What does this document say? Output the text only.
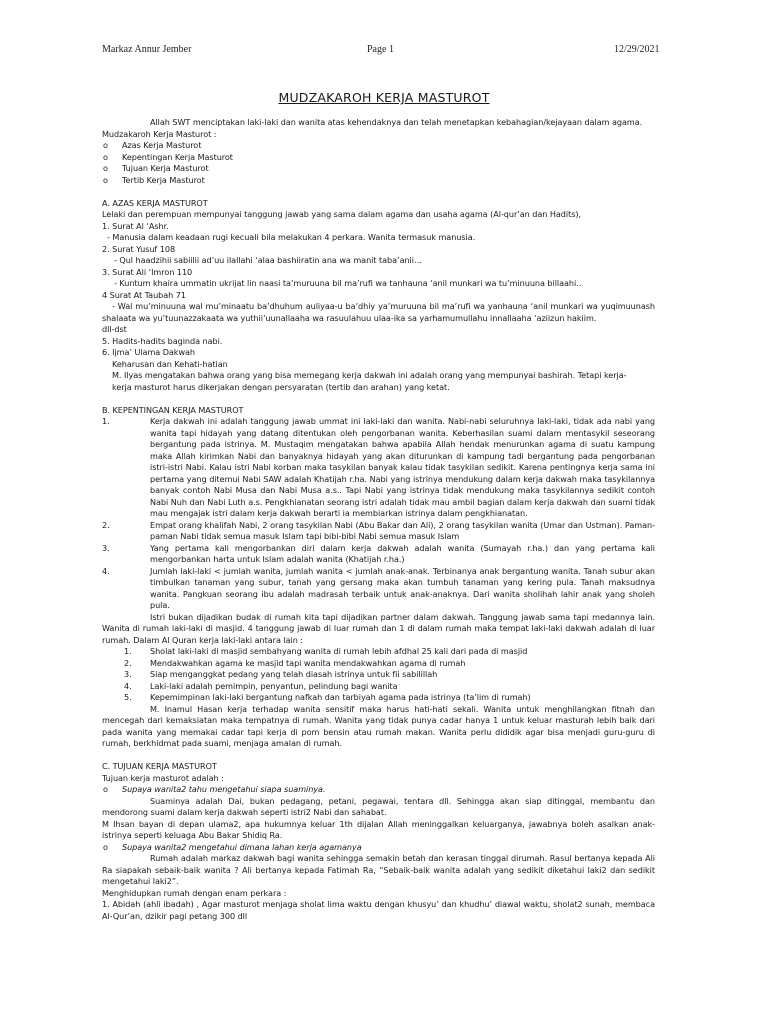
Markaz Annur Jember	Page 1	12/29/2021
MUDZAKAROH KERJA MASTUROT

Allah SWT menciptakan laki-laki dan wanita atas kehendaknya dan telah menetapkan kebahagian/kejayaan dalam agama.

Mudzakaroh Kerja Masturot :

o Azas Kerja Masturot

o Kepentingan Kerja Masturot

o Tujuan Kerja Masturot

o Tertib Kerja Masturot

A. AZAS KERJA MASTUROT

Lelaki dan perempuan mempunyai tanggung jawab yang sama dalam agama dan usaha agama (Al-qur’an dan Hadits),

1. Surat Al ‘Ashr.

- Manusia dalam keadaan rugi kecuali bila melakukan 4 perkara. Wanita termasuk manusia.

2. Surat Yusuf 108

- Qul haadzihii sabiilii ad’uu ilallahi ‘alaa bashiiratin ana wa manit taba’anii…

3. Surat Ali ‘Imron 110

- Kuntum khaira ummatin ukrijat lin naasi ta’muruuna bil ma’rufi wa tanhauna ‘anil munkari wa tu’minuuna billaahi..

4 Surat At Taubah 71

- Wal mu’minuuna wal mu’minaatu ba’dhuhum auliyaa-u ba’dhiy ya’muruuna bil ma’rufi wa yanhauna ‘anil munkari wa yuqimuunash shalaata wa yu’tuunazzakaata wa yuthii’uunallaaha wa rasuulahuu ulaa-ika sa yarhamumullahu innallaaha ‘aziizun hakiim.

dll-dst

5. Hadits-hadits baginda nabi.

6. Ijma’ Ulama Dakwah

Keharusan dan Kehati-hatian

M. Ilyas mengatakan bahwa orang yang bisa memegang kerja dakwah ini adalah orang yang mempunyai bashirah. Tetapi kerja-

kerja masturot harus dikerjakan dengan persyaratan (tertib dan arahan) yang ketat.

B. KEPENTINGAN KERJA MASTUROT

1.	Kerja dakwah ini adalah tanggung jawab ummat ini laki-laki dan wanita. Nabi-nabi seluruhnya laki-laki, tidak ada nabi yang wanita tapi hidayah yang datang ditentukan oleh pengorbanan wanita. Keberhasilan suami dalam mentasykil seseorang bergantung pada istrinya. M. Mustaqim mengatakan bahwa apabila Allah hendak menurunkan agama di suatu kampung maka Allah kirimkan Nabi dan banyaknya hidayah yang akan diturunkan di kampung tadi bergantung pada pengorbanan istri-istri Nabi. Kalau istri Nabi korban maka tasykilan banyak kalau tidak tasykilan sedikit. Karena pentingnya kerja sama ini pertama yang ditemui Nabi SAW adalah Khatijah r.ha. Nabi yang istrinya mendukung dalam kerja dakwah maka tasykilannya banyak contoh Nabi Musa dan Nabi Musa a.s.. Tapi Nabi yang istrinya tidak mendukung maka tasykilannya sedikit contoh Nabi Nuh dan Nabi Luth a.s. Pengkhianatan seorang istri adalah tidak mau ambil bagian dalam kerja dakwah dan suami tidak mau mengajak istri dalam kerja dakwah berarti ia membiarkan istrinya dalam pengkhianatan.
2.	Empat orang khalifah Nabi, 2 orang tasykilan Nabi (Abu Bakar dan Ali), 2 orang tasykilan wanita (Umar dan Ustman). Paman-paman Nabi tidak semua masuk Islam tapi bibi-bibi Nabi semua masuk Islam
3.	Yang pertama kali mengorbankan diri dalam kerja dakwah adalah wanita (Sumayah r.ha.) dan yang pertama kali mengorbankan harta untuk Islam adalah wanita (Khatijah r.ha.)
4.	Jumlah laki-laki < jumlah wanita, jumlah wanita < jumlah anak-anak. Terbinanya anak bergantung wanita. Tanah subur akan timbulkan tanaman yang subur, tanah yang gersang maka akan tumbuh tanaman yang kering pula. Tanah maksudnya wanita. Pangkuan seorang ibu adalah madrasah terbaik untuk anak-anaknya. Dari wanita sholihah lahir anak yang sholeh pula.

Istri bukan dijadikan budak di rumah kita tapi dijadikan partner dalam dakwah. Tanggung jawab sama tapi medannya lain. Wanita di rumah laki-laki di masjid. 4 tanggung jawab di luar rumah dan 1 di dalam rumah maka tempat laki-laki dakwah adalah di luar rumah. Dalam Al Quran kerja laki-laki antara lain :

1. Sholat laki-laki di masjid sembahyang wanita di rumah lebih afdhal 25 kali dari pada di masjid

2. Mendakwahkan agama ke masjid tapi wanita mendakwahkan agama di rumah

3. Siap menganggkat pedang yang telah diasah istrinya untuk fii sabilillah

4. Laki-laki adalah pemimpin, penyantun, pelindung bagi wanita

5. Kepemimpinan laki-laki bergantung nafkah dan tarbiyah agama pada istrinya (ta’lim di rumah)

M. Inamul Hasan kerja terhadap wanita sensitif maka harus hati-hati sekali. Wanita untuk menghilangkan fitnah dan mencegah dari kemaksiatan maka tempatnya di rumah. Wanita yang tidak punya cadar hanya 1 untuk keluar masturah lebih baik dari pada wanita yang memakai cadar tapi kerja di pom bensin atau rumah makan. Wanita perlu dididik agar bisa menjadi guru-guru di rumah, berkhidmat pada suami, menjaga amalan di rumah.

C. TUJUAN KERJA MASTUROT

Tujuan kerja masturot adalah :

o Supaya wanita2 tahu mengetahui siapa suaminya.

Suaminya adalah Dai, bukan pedagang, petani, pegawai, tentara dll. Sehingga akan siap ditinggal, membantu dan mendorong suami dalam kerja dakwah seperti istri2 Nabi dan sahabat.

M Ihsan bayan di depan ulama2, apa hukumnya keluar 1th dijalan Allah meninggalkan keluarganya, jawabnya boleh asalkan anak-istrinya seperti keluaga Abu Bakar Shidiq Ra.

o Supaya wanita2 mengetahui dimana lahan kerja agamanya

Rumah adalah markaz dakwah bagi wanita sehingga semakin betah dan kerasan tinggal dirumah. Rasul bertanya kepada Ali Ra siapakah sebaik-baik wanita ? Ali bertanya kepada Fatimah Ra, “Sebaik-baik wanita adalah yang sedikit diketahui laki2 dan sedikit mengetahui laki2”.

Menghidupkan rumah dengan enam perkara :

1. Abidah (ahli ibadah) , Agar masturot menjaga sholat lima waktu dengan khusyu’ dan khudhu’ diawal waktu, sholat2 sunah, membaca Al-Qur’an, dzikir pagi petang 300 dll
